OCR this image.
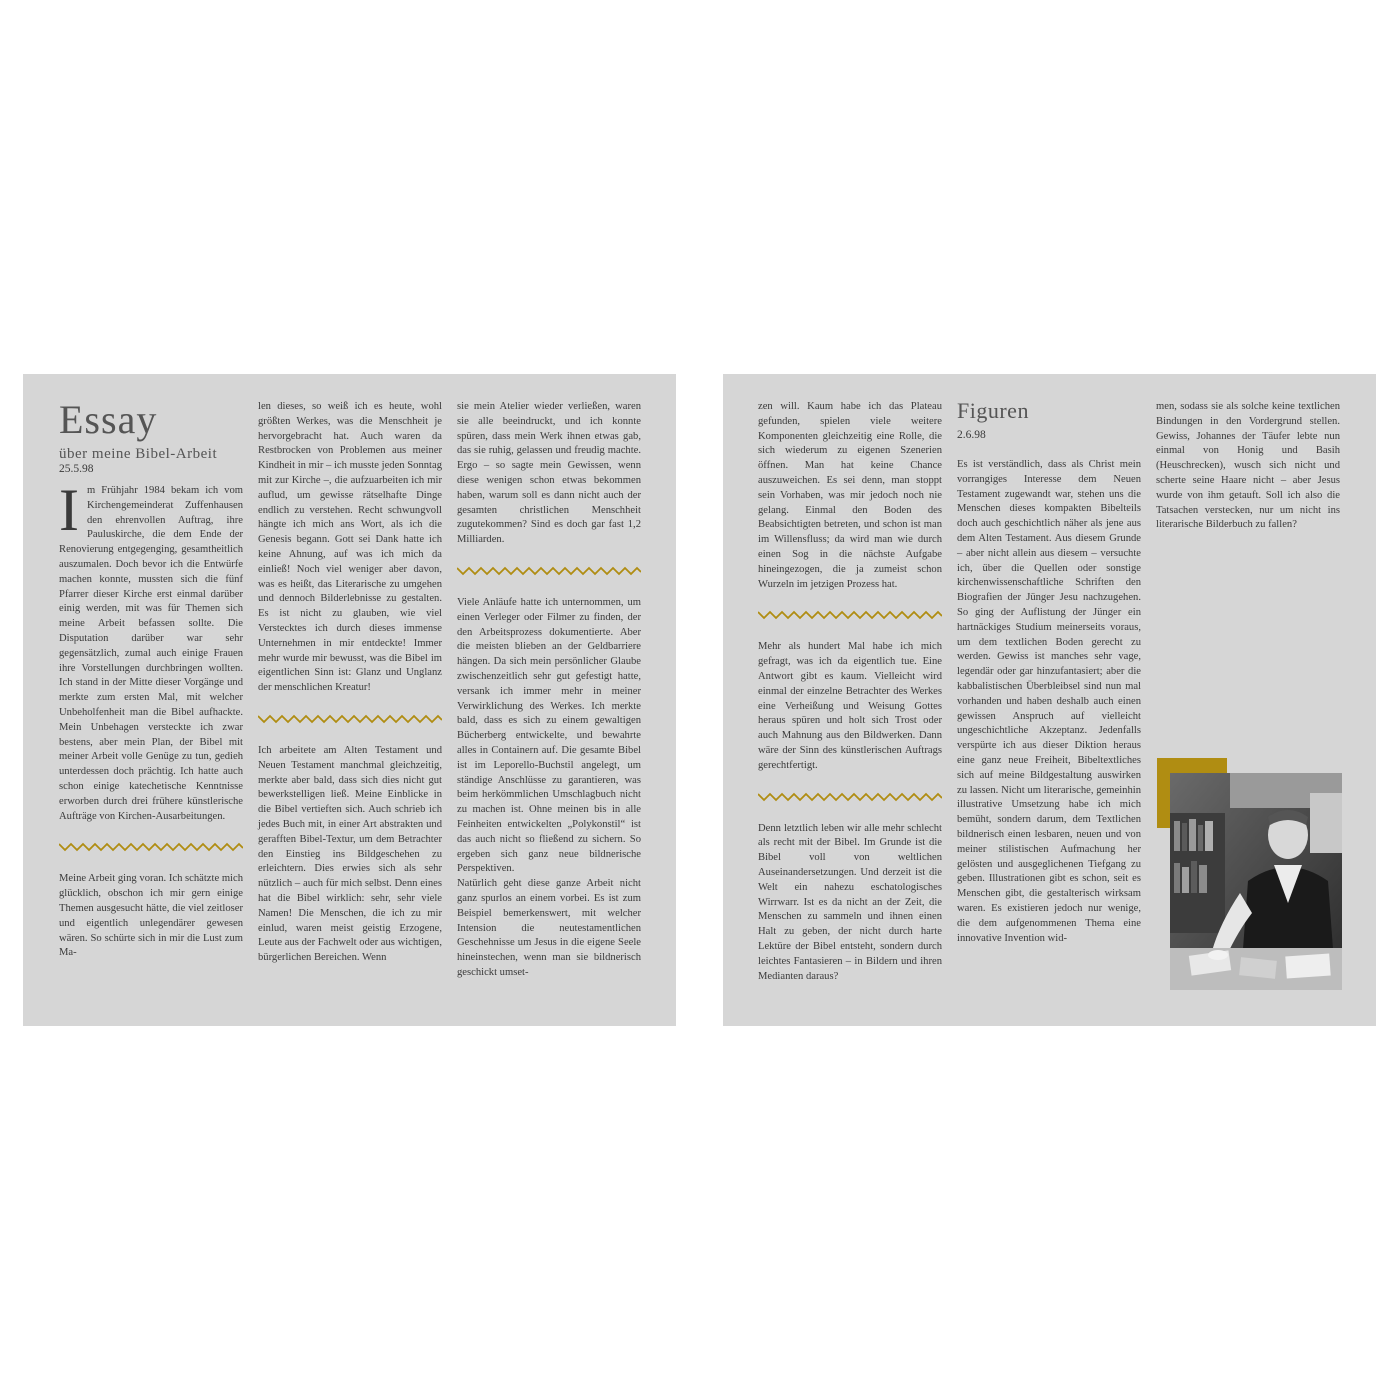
Essay
über meine Bibel-Arbeit
25.5.98
I m Frühjahr 1984 bekam ich vom Kirchengemeinderat Zuffenhausen den ehrenvollen Auftrag, ihre Pauluskirche, die dem Ende der Renovierung entgegenging, gesamtheitlich auszumalen. Doch bevor ich die Entwürfe machen konnte, mussten sich die fünf Pfarrer dieser Kirche erst einmal darüber einig werden, mit was für Themen sich meine Arbeit befassen sollte. Die Disputation darüber war sehr gegensätzlich, zumal auch einige Frauen ihre Vorstellungen durchbringen wollten. Ich stand in der Mitte dieser Vorgänge und merkte zum ersten Mal, mit welcher Unbeholfenheit man die Bibel aufhackte. Mein Unbehagen versteckte ich zwar bestens, aber mein Plan, der Bibel mit meiner Arbeit volle Genüge zu tun, gedieh unterdessen doch prächtig. Ich hatte auch schon einige katechetische Kenntnisse erworben durch drei frühere künstlerische Aufträge von Kirchen-Ausarbeitungen.

Meine Arbeit ging voran. Ich schätzte mich glücklich, obschon ich mir gern einige Themen ausgesucht hätte, die viel zeitloser und eigentlich unlegendärer gewesen wären. So schürte sich in mir die Lust zum Ma-

len dieses, so weiß ich es heute, wohl größten Werkes, was die Menschheit je hervorgebracht hat. Auch waren da Restbrocken von Problemen aus meiner Kindheit in mir – ich musste jeden Sonntag mit zur Kirche –, die aufzuarbeiten ich mir auflud, um gewisse rätselhafte Dinge endlich zu verstehen. Recht schwungvoll hängte ich mich ans Wort, als ich die Genesis begann. Gott sei Dank hatte ich keine Ahnung, auf was ich mich da einließ! Noch viel weniger aber davon, was es heißt, das Literarische zu umgehen und dennoch Bilderlebnisse zu gestalten. Es ist nicht zu glauben, wie viel Verstecktes ich durch dieses immense Unternehmen in mir entdeckte! Immer mehr wurde mir bewusst, was die Bibel im eigentlichen Sinn ist: Glanz und Unglanz der menschlichen Kreatur!

Ich arbeitete am Alten Testament und Neuen Testament manchmal gleichzeitig, merkte aber bald, dass sich dies nicht gut bewerkstelligen ließ. Meine Einblicke in die Bibel vertieften sich. Auch schrieb ich jedes Buch mit, in einer Art abstrakten und gerafften Bibel-Textur, um dem Betrachter den Einstieg ins Bildgeschehen zu erleichtern. Dies erwies sich als sehr nützlich – auch für mich selbst. Denn eines hat die Bibel wirklich: sehr, sehr viele Namen! Die Menschen, die ich zu mir einlud, waren meist geistig Erzogene, Leute aus der Fachwelt oder aus wichtigen, bürgerlichen Bereichen. Wenn

sie mein Atelier wieder verließen, waren sie alle beeindruckt, und ich konnte spüren, dass mein Werk ihnen etwas gab, das sie ruhig, gelassen und freudig machte. Ergo – so sagte mein Gewissen, wenn diese wenigen schon etwas bekommen haben, warum soll es dann nicht auch der gesamten christlichen Menschheit zugutekommen? Sind es doch gar fast 1,2 Milliarden.

Viele Anläufe hatte ich unternommen, um einen Verleger oder Filmer zu finden, der den Arbeitsprozess dokumentierte. Aber die meisten blieben an der Geldbarriere hängen. Da sich mein persönlicher Glaube zwischenzeitlich sehr gut gefestigt hatte, versank ich immer mehr in meiner Verwirklichung des Werkes. Ich merkte bald, dass es sich zu einem gewaltigen Bücherberg entwickelte, und bewahrte alles in Containern auf. Die gesamte Bibel ist im Leporello-Buchstil angelegt, um ständige Anschlüsse zu garantieren, was beim herkömmlichen Umschlagbuch nicht zu machen ist. Ohne meinen bis in alle Feinheiten entwickelten „Polykonstil“ ist das auch nicht so fließend zu sichern. So ergeben sich ganz neue bildnerische Perspektiven.

Natürlich geht diese ganze Arbeit nicht ganz spurlos an einem vorbei. Es ist zum Beispiel bemerkenswert, mit welcher Intension die neutestamentlichen Geschehnisse um Jesus in die eigene Seele hineinstechen, wenn man sie bildnerisch geschickt umset-

zen will. Kaum habe ich das Plateau gefunden, spielen viele weitere Komponenten gleichzeitig eine Rolle, die sich wiederum zu eigenen Szenerien öffnen. Man hat keine Chance auszuweichen. Es sei denn, man stoppt sein Vorhaben, was mir jedoch noch nie gelang. Einmal den Boden des Beabsichtigten betreten, und schon ist man im Willensfluss; da wird man wie durch einen Sog in die nächste Aufgabe hineingezogen, die ja zumeist schon Wurzeln im jetzigen Prozess hat.

Mehr als hundert Mal habe ich mich gefragt, was ich da eigentlich tue. Eine Antwort gibt es kaum. Vielleicht wird einmal der einzelne Betrachter des Werkes eine Verheißung und Weisung Gottes heraus spüren und holt sich Trost oder auch Mahnung aus den Bildwerken. Dann wäre der Sinn des künstlerischen Auftrags gerechtfertigt.

Denn letztlich leben wir alle mehr schlecht als recht mit der Bibel. Im Grunde ist die Bibel voll von weltlichen Auseinandersetzungen. Und derzeit ist die Welt ein nahezu eschatologisches Wirrwarr. Ist es da nicht an der Zeit, die Menschen zu sammeln und ihnen einen Halt zu geben, der nicht durch harte Lektüre der Bibel entsteht, sondern durch leichtes Fantasieren – in Bildern und ihren Medianten daraus?

Figuren
2.6.98

Es ist verständlich, dass als Christ mein vorrangiges Interesse dem Neuen Testament zugewandt war, stehen uns die Menschen dieses kompakten Bibelteils doch auch geschichtlich näher als jene aus dem Alten Testament. Aus diesem Grunde – aber nicht allein aus diesem – versuchte ich, über die Quellen oder sonstige kirchenwissenschaftliche Schriften den Biografien der Jünger Jesu nachzugehen. So ging der Auflistung der Jünger ein hartnäckiges Studium meinerseits voraus, um dem textlichen Boden gerecht zu werden. Gewiss ist manches sehr vage, legendär oder gar hinzufantasiert; aber die kabbalistischen Überbleibsel sind nun mal vorhanden und haben deshalb auch einen gewissen Anspruch auf vielleicht ungeschichtliche Akzeptanz. Jedenfalls verspürte ich aus dieser Diktion heraus eine ganz neue Freiheit, Bibeltextliches sich auf meine Bildgestaltung auswirken zu lassen. Nicht um literarische, gemeinhin illustrative Umsetzung habe ich mich bemüht, sondern darum, dem Textlichen bildnerisch einen lesbaren, neuen und von meiner stilistischen Aufmachung her gelösten und ausgeglichenen Tiefgang zu geben. Illustrationen gibt es schon, seit es Menschen gibt, die gestalterisch wirksam waren. Es existieren jedoch nur wenige, die dem aufgenommenen Thema eine innovative Invention wid-

men, sodass sie als solche keine textlichen Bindungen in den Vordergrund stellen. Gewiss, Johannes der Täufer lebte nun einmal von Honig und Basih (Heuschrecken), wusch sich nicht und scherte seine Haare nicht – aber Jesus wurde von ihm getauft. Soll ich also die Tatsachen verstecken, nur um nicht ins literarische Bilderbuch zu fallen?
